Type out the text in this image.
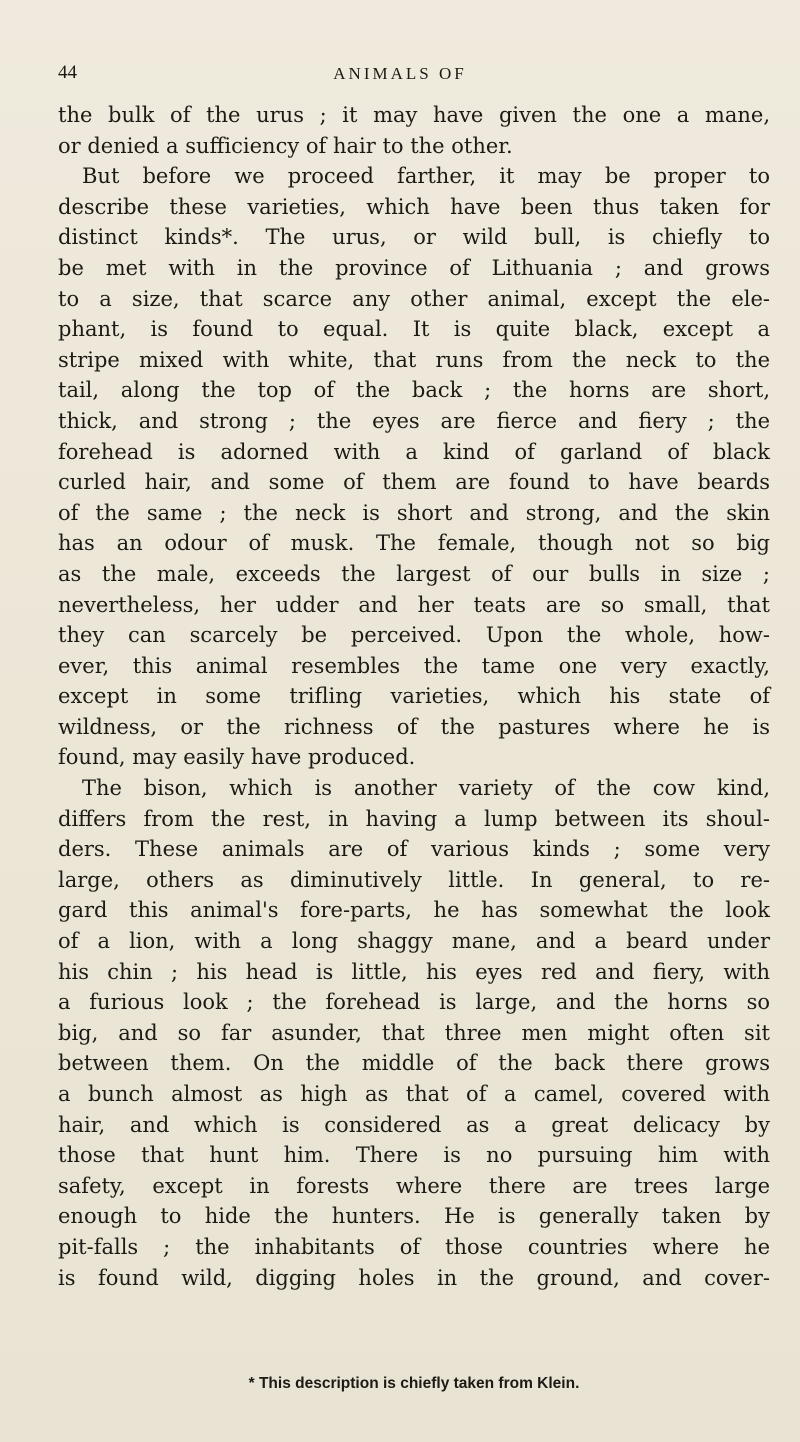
44	ANIMALS OF
the bulk of the urus ; it may have given the one a mane,
or denied a sufficiency of hair to the other.
But before we proceed farther, it may be proper to
describe these varieties, which have been thus taken for
distinct kinds*. The urus, or wild bull, is chiefly to
be met with in the province of Lithuania ; and grows
to a size, that scarce any other animal, except the ele-
phant, is found to equal. It is quite black, except a
stripe mixed with white, that runs from the neck to the
tail, along the top of the back ; the horns are short,
thick, and strong ; the eyes are fierce and fiery ; the
forehead is adorned with a kind of garland of black
curled hair, and some of them are found to have beards
of the same ; the neck is short and strong, and the skin
has an odour of musk. The female, though not so big
as the male, exceeds the largest of our bulls in size ;
nevertheless, her udder and her teats are so small, that
they can scarcely be perceived. Upon the whole, how-
ever, this animal resembles the tame one very exactly,
except in some trifling varieties, which his state of
wildness, or the richness of the pastures where he is
found, may easily have produced.
The bison, which is another variety of the cow kind,
differs from the rest, in having a lump between its shoul-
ders. These animals are of various kinds ; some very
large, others as diminutively little. In general, to re-
gard this animal's fore-parts, he has somewhat the look
of a lion, with a long shaggy mane, and a beard under
his chin ; his head is little, his eyes red and fiery, with
a furious look ; the forehead is large, and the horns so
big, and so far asunder, that three men might often sit
between them. On the middle of the back there grows
a bunch almost as high as that of a camel, covered with
hair, and which is considered as a great delicacy by
those that hunt him. There is no pursuing him with
safety, except in forests where there are trees large
enough to hide the hunters. He is generally taken by
pit-falls ; the inhabitants of those countries where he
is found wild, digging holes in the ground, and cover-
* This description is chiefly taken from Klein.
